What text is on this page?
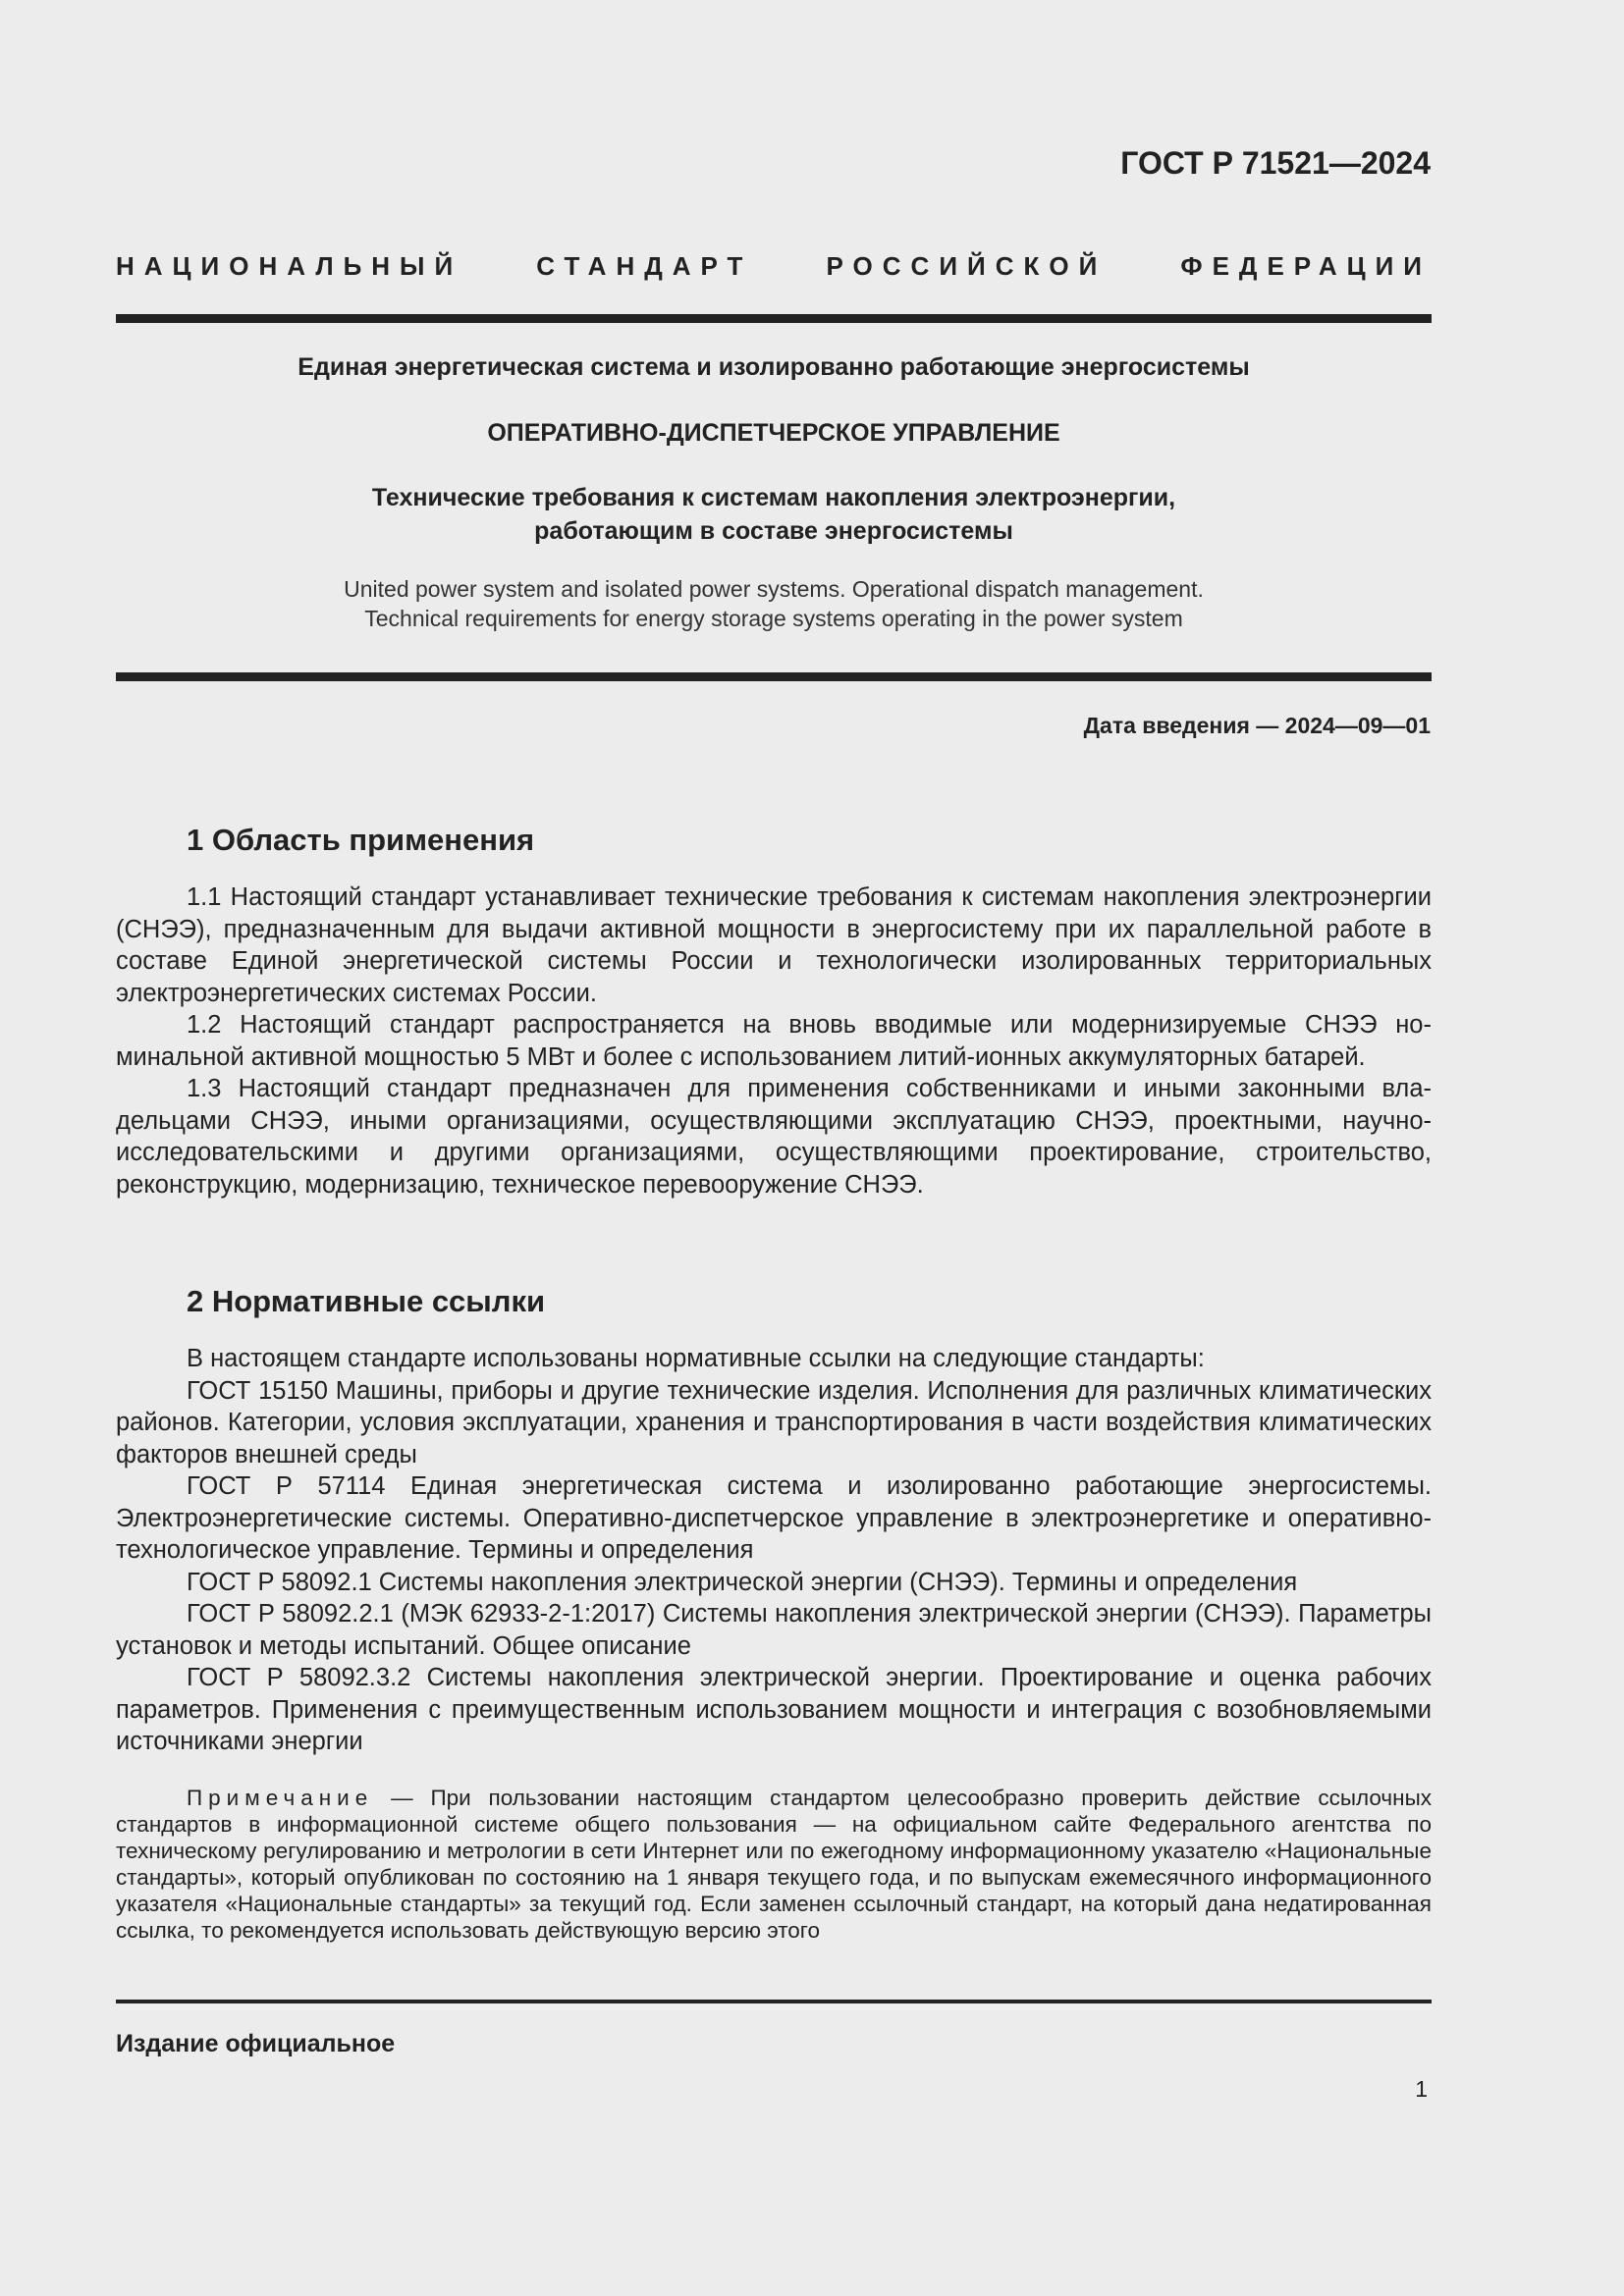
ГОСТ Р 71521—2024
НАЦИОНАЛЬНЫЙ СТАНДАРТ РОССИЙСКОЙ ФЕДЕРАЦИИ
Единая энергетическая система и изолированно работающие энергосистемы
ОПЕРАТИВНО-ДИСПЕТЧЕРСКОЕ УПРАВЛЕНИЕ
Технические требования к системам накопления электроэнергии,
работающим в составе энергосистемы
United power system and isolated power systems. Operational dispatch management.
Technical requirements for energy storage systems operating in the power system
Дата введения — 2024—09—01
1 Область применения

1.1 Настоящий стандарт устанавливает технические требования к системам накопления электроэнергии (СНЭЭ), предназначенным для выдачи активной мощности в энергосистему при их параллельной работе в составе Единой энергетической системы России и технологически изолированных территориальных электроэнергетических системах России.

1.2 Настоящий стандарт распространяется на вновь вводимые или модернизируемые СНЭЭ номинальной активной мощностью 5 МВт и более с использованием литий-ионных аккумуляторных батарей.

1.3 Настоящий стандарт предназначен для применения собственниками и иными законными владельцами СНЭЭ, иными организациями, осуществляющими эксплуатацию СНЭЭ, проектными, научно-исследовательскими и другими организациями, осуществляющими проектирование, строительство, реконструкцию, модернизацию, техническое перевооружение СНЭЭ.

2 Нормативные ссылки

В настоящем стандарте использованы нормативные ссылки на следующие стандарты:

ГОСТ 15150 Машины, приборы и другие технические изделия. Исполнения для различных климатических районов. Категории, условия эксплуатации, хранения и транспортирования в части воздействия климатических факторов внешней среды

ГОСТ Р 57114 Единая энергетическая система и изолированно работающие энергосистемы. Электроэнергетические системы. Оперативно-диспетчерское управление в электроэнергетике и оперативно-технологическое управление. Термины и определения

ГОСТ Р 58092.1 Системы накопления электрической энергии (СНЭЭ). Термины и определения

ГОСТ Р 58092.2.1 (МЭК 62933-2-1:2017) Системы накопления электрической энергии (СНЭЭ). Параметры установок и методы испытаний. Общее описание

ГОСТ Р 58092.3.2 Системы накопления электрической энергии. Проектирование и оценка рабочих параметров. Применения с преимущественным использованием мощности и интеграция с возобновляемыми источниками энергии

Примечание — При пользовании настоящим стандартом целесообразно проверить действие ссылочных стандартов в информационной системе общего пользования — на официальном сайте Федерального агентства по техническому регулированию и метрологии в сети Интернет или по ежегодному информационному указателю «Национальные стандарты», который опубликован по состоянию на 1 января текущего года, и по выпускам ежемесячного информационного указателя «Национальные стандарты» за текущий год. Если заменен ссылочный стандарт, на который дана недатированная ссылка, то рекомендуется использовать действующую версию этого
Издание официальное
1
